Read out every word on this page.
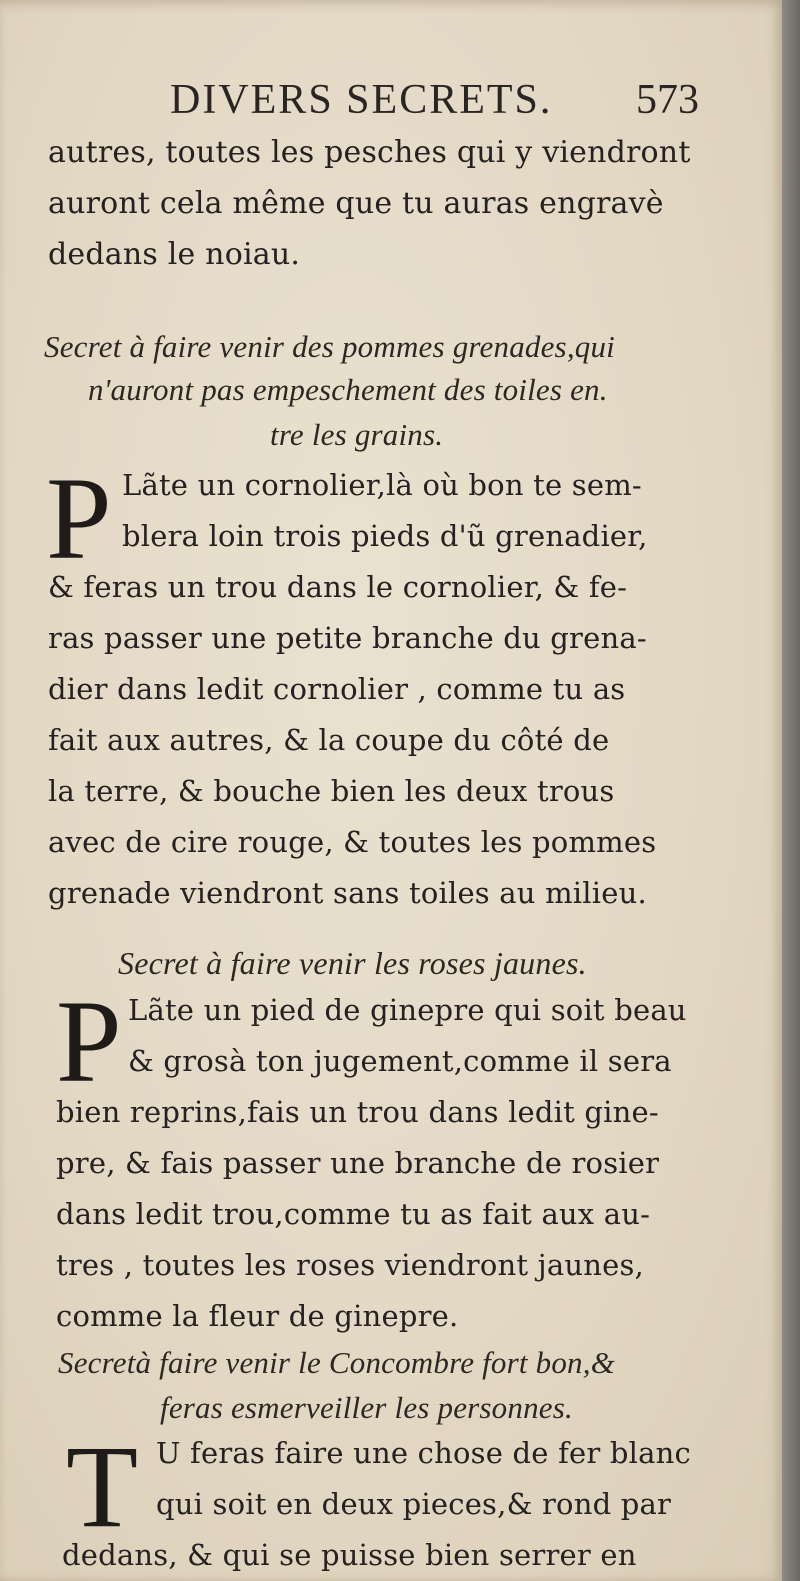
DIVERS SECRETS. 573
autres, toutes les pesches qui y viendront
auront cela même que tu auras engravè
dedans le noiau.
Secret à faire venir des pommes grenades,qui
n'auront pas empeschement des toiles en.
tre les grains.
P Lãte un cornolier,là où bon te sem-
blera loin trois pieds d'ũ grenadier,
& feras un trou dans le cornolier, & fe-
ras passer une petite branche du grena-
dier dans ledit cornolier , comme tu as
fait aux autres, & la coupe du côté de
la terre, & bouche bien les deux trous
avec de cire rouge, & toutes les pommes
grenade viendront sans toiles au milieu.
Secret à faire venir les roses jaunes.
P Lãte un pied de ginepre qui soit beau
& grosà ton jugement,comme il sera
bien reprins,fais un trou dans ledit gine-
pre, & fais passer une branche de rosier
dans ledit trou,comme tu as fait aux au-
tres , toutes les roses viendront jaunes,
comme la fleur de ginepre.
Secretà faire venir le Concombre fort bon,&
feras esmerveiller les personnes.
T U feras faire une chose de fer blanc
qui soit en deux pieces,& rond par
dedans, & qui se puisse bien serrer en
